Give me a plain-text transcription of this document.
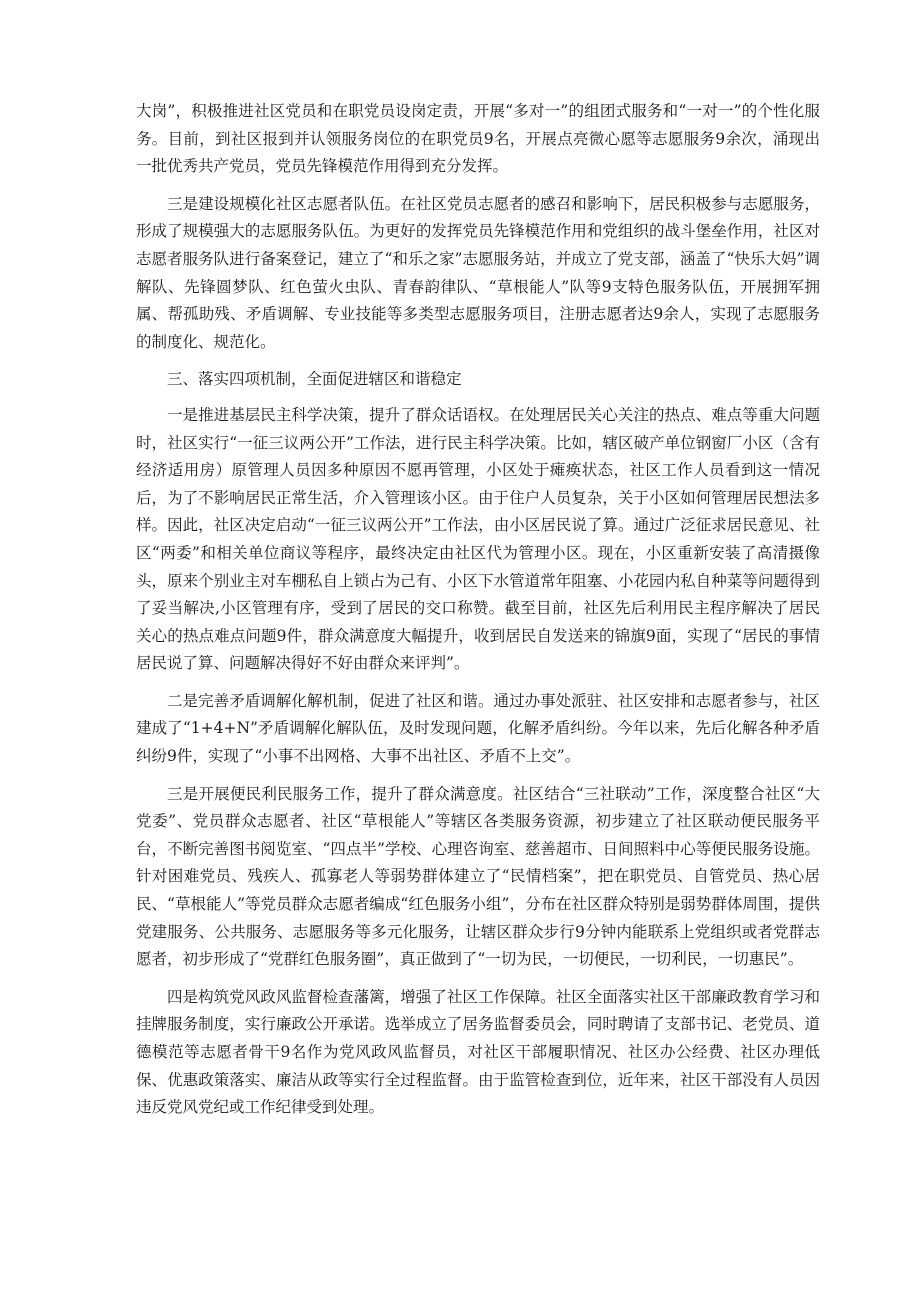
大岗”，积极推进社区党员和在职党员设岗定责，开展“多对一”的组团式服务和“一对一”的个性化服务。目前，到社区报到并认领服务岗位的在职党员9名，开展点亮微心愿等志愿服务9余次，涌现出一批优秀共产党员，党员先锋模范作用得到充分发挥。

三是建设规模化社区志愿者队伍。在社区党员志愿者的感召和影响下，居民积极参与志愿服务，形成了规模强大的志愿服务队伍。为更好的发挥党员先锋模范作用和党组织的战斗堡垒作用，社区对志愿者服务队进行备案登记，建立了“和乐之家”志愿服务站，并成立了党支部，涵盖了“快乐大妈”调解队、先锋圆梦队、红色萤火虫队、青春韵律队、“草根能人”队等9支特色服务队伍，开展拥军拥属、帮孤助残、矛盾调解、专业技能等多类型志愿服务项目，注册志愿者达9余人，实现了志愿服务的制度化、规范化。

三、落实四项机制，全面促进辖区和谐稳定

一是推进基层民主科学决策，提升了群众话语权。在处理居民关心关注的热点、难点等重大问题时，社区实行“一征三议两公开”工作法，进行民主科学决策。比如，辖区破产单位钢窗厂小区（含有经济适用房）原管理人员因多种原因不愿再管理，小区处于瘫痪状态，社区工作人员看到这一情况后，为了不影响居民正常生活，介入管理该小区。由于住户人员复杂，关于小区如何管理居民想法多样。因此，社区决定启动“一征三议两公开”工作法，由小区居民说了算。通过广泛征求居民意见、社区“两委”和相关单位商议等程序，最终决定由社区代为管理小区。现在，小区重新安装了高清摄像头，原来个别业主对车棚私自上锁占为己有、小区下水管道常年阻塞、小花园内私自种菜等问题得到了妥当解决,小区管理有序，受到了居民的交口称赞。截至目前，社区先后利用民主程序解决了居民关心的热点难点问题9件，群众满意度大幅提升，收到居民自发送来的锦旗9面，实现了“居民的事情居民说了算、问题解决得好不好由群众来评判”。

二是完善矛盾调解化解机制，促进了社区和谐。通过办事处派驻、社区安排和志愿者参与，社区建成了“1+4+N”矛盾调解化解队伍，及时发现问题，化解矛盾纠纷。今年以来，先后化解各种矛盾纠纷9件，实现了“小事不出网格、大事不出社区、矛盾不上交”。

三是开展便民利民服务工作，提升了群众满意度。社区结合“三社联动”工作，深度整合社区“大党委”、党员群众志愿者、社区“草根能人”等辖区各类服务资源，初步建立了社区联动便民服务平台，不断完善图书阅览室、“四点半”学校、心理咨询室、慈善超市、日间照料中心等便民服务设施。针对困难党员、残疾人、孤寡老人等弱势群体建立了“民情档案”，把在职党员、自管党员、热心居民、“草根能人”等党员群众志愿者编成“红色服务小组”，分布在社区群众特别是弱势群体周围，提供党建服务、公共服务、志愿服务等多元化服务，让辖区群众步行9分钟内能联系上党组织或者党群志愿者，初步形成了“党群红色服务圈”，真正做到了“一切为民，一切便民，一切利民，一切惠民”。

四是构筑党风政风监督检查藩篱，增强了社区工作保障。社区全面落实社区干部廉政教育学习和挂牌服务制度，实行廉政公开承诺。选举成立了居务监督委员会，同时聘请了支部书记、老党员、道德模范等志愿者骨干9名作为党风政风监督员，对社区干部履职情况、社区办公经费、社区办理低保、优惠政策落实、廉洁从政等实行全过程监督。由于监管检查到位，近年来，社区干部没有人员因违反党风党纪或工作纪律受到处理。
